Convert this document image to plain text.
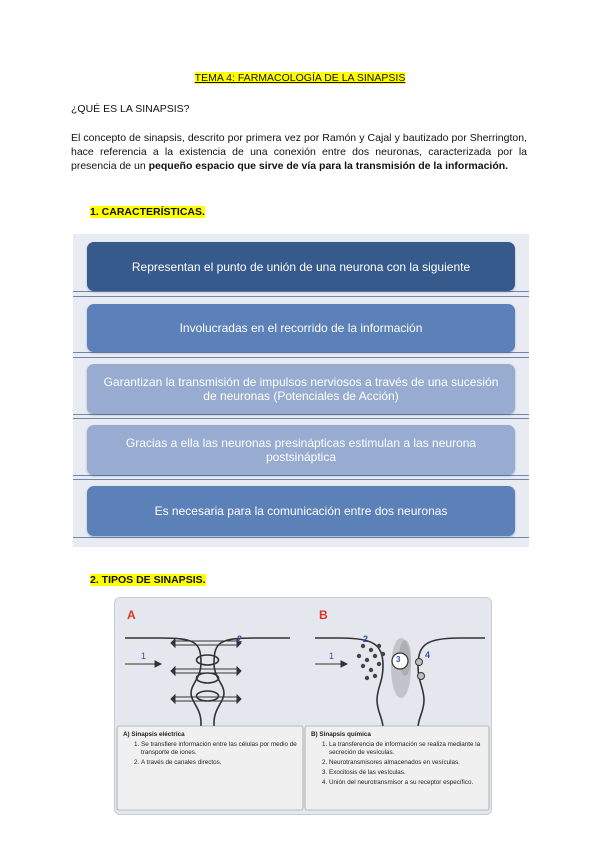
TEMA 4: FARMACOLOGÍA DE LA SINAPSIS
¿QUÉ ES LA SINAPSIS?
El concepto de sinapsis, descrito por primera vez por Ramón y Cajal y bautizado por Sherrington, hace referencia a la existencia de una conexión entre dos neuronas, caracterizada por la presencia de un pequeño espacio que sirve de vía para la transmisión de la información.
1. CARACTERÍSTICAS.
Representan el punto de unión de una neurona con la siguiente
Involucradas en el recorrido de la información
Garantizan la transmisión de impulsos nerviosos a través de una sucesión de neuronas (Potenciales de Acción)
Gracias a ella las neuronas presinápticas estimulan a las neurona postsináptica
Es necesaria para la comunicación entre dos neuronas
2. TIPOS DE SINAPSIS.
A	B
1
2
1
2
3	4
A) Sinapsis eléctrica
1. Se transfiere información entre las células por medio de transporte de iones.
2. A través de canales directos.
B) Sinapsis química
1. La transferencia de información se realiza mediante la secreción de vesículas.
2. Neurotransmisores almacenados en vesículas.
3. Exocitosis de las vesículas.
4. Unión del neurotransmisor a su receptor específico.
